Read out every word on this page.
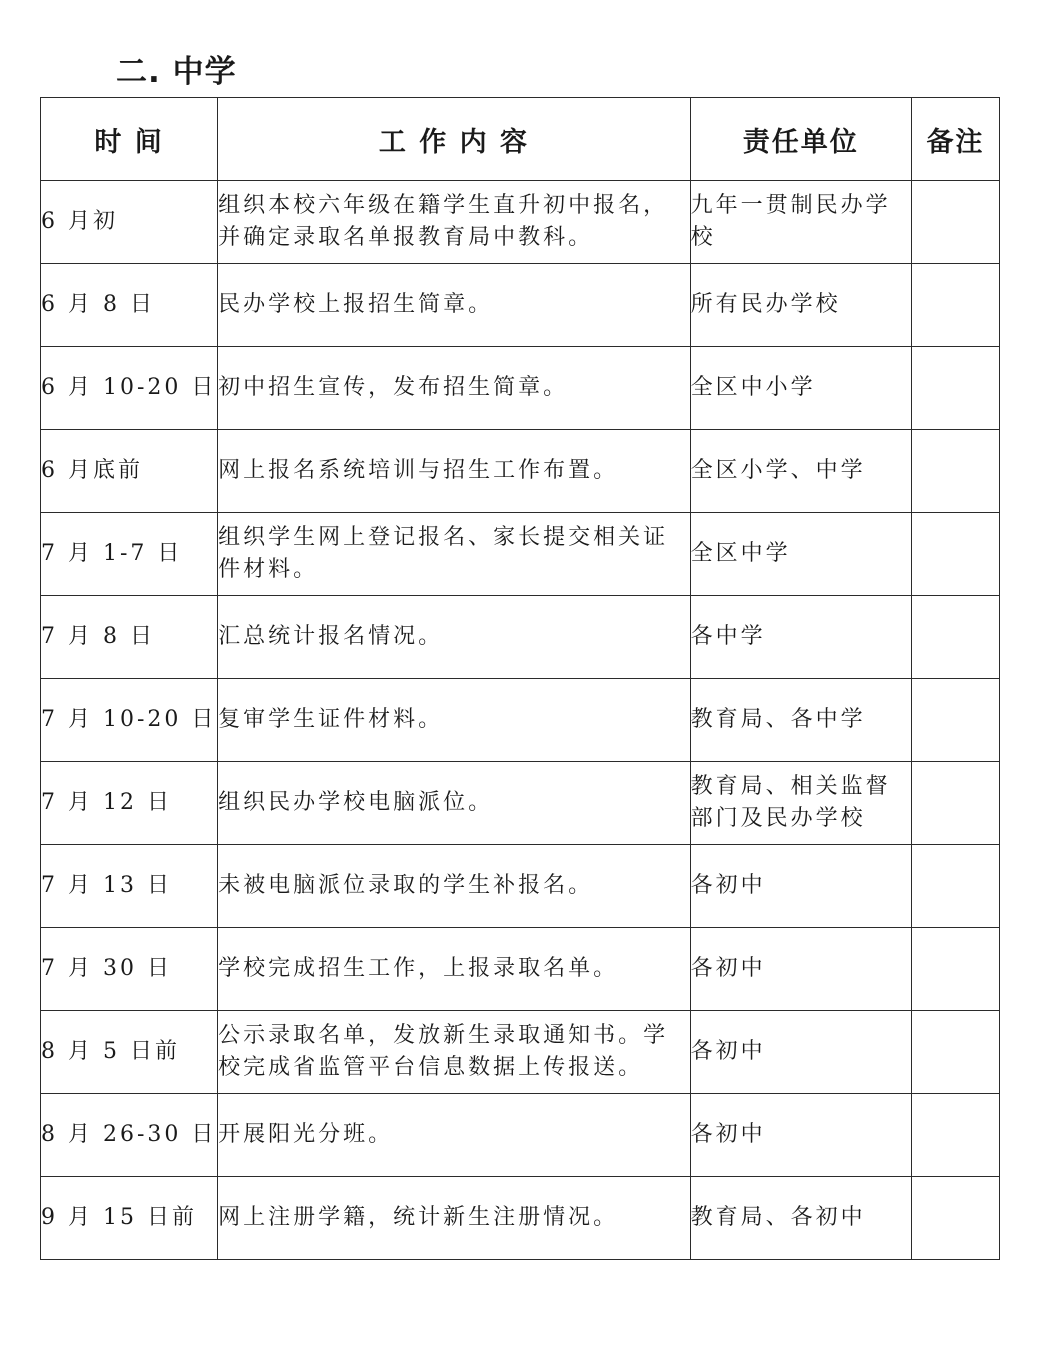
二. 中学
时 间	工 作 内 容	责任单位	备注
6 月初	组织本校六年级在籍学生直升初中报名，并确定录取名单报教育局中教科。	九年一贯制民办学校	
6 月 8 日	民办学校上报招生简章。	所有民办学校	
6 月 10-20 日	初中招生宣传，发布招生简章。	全区中小学	
6 月底前	网上报名系统培训与招生工作布置。	全区小学、中学	
7 月 1-7 日	组织学生网上登记报名、家长提交相关证件材料。	全区中学	
7 月 8 日	汇总统计报名情况。	各中学	
7 月 10-20 日	复审学生证件材料。	教育局、各中学	
7 月 12 日	组织民办学校电脑派位。	教育局、相关监督部门及民办学校	
7 月 13 日	未被电脑派位录取的学生补报名。	各初中	
7 月 30 日	学校完成招生工作，上报录取名单。	各初中	
8 月 5 日前	公示录取名单，发放新生录取通知书。学校完成省监管平台信息数据上传报送。	各初中	
8 月 26-30 日	开展阳光分班。	各初中	
9 月 15 日前	网上注册学籍，统计新生注册情况。	教育局、各初中	
